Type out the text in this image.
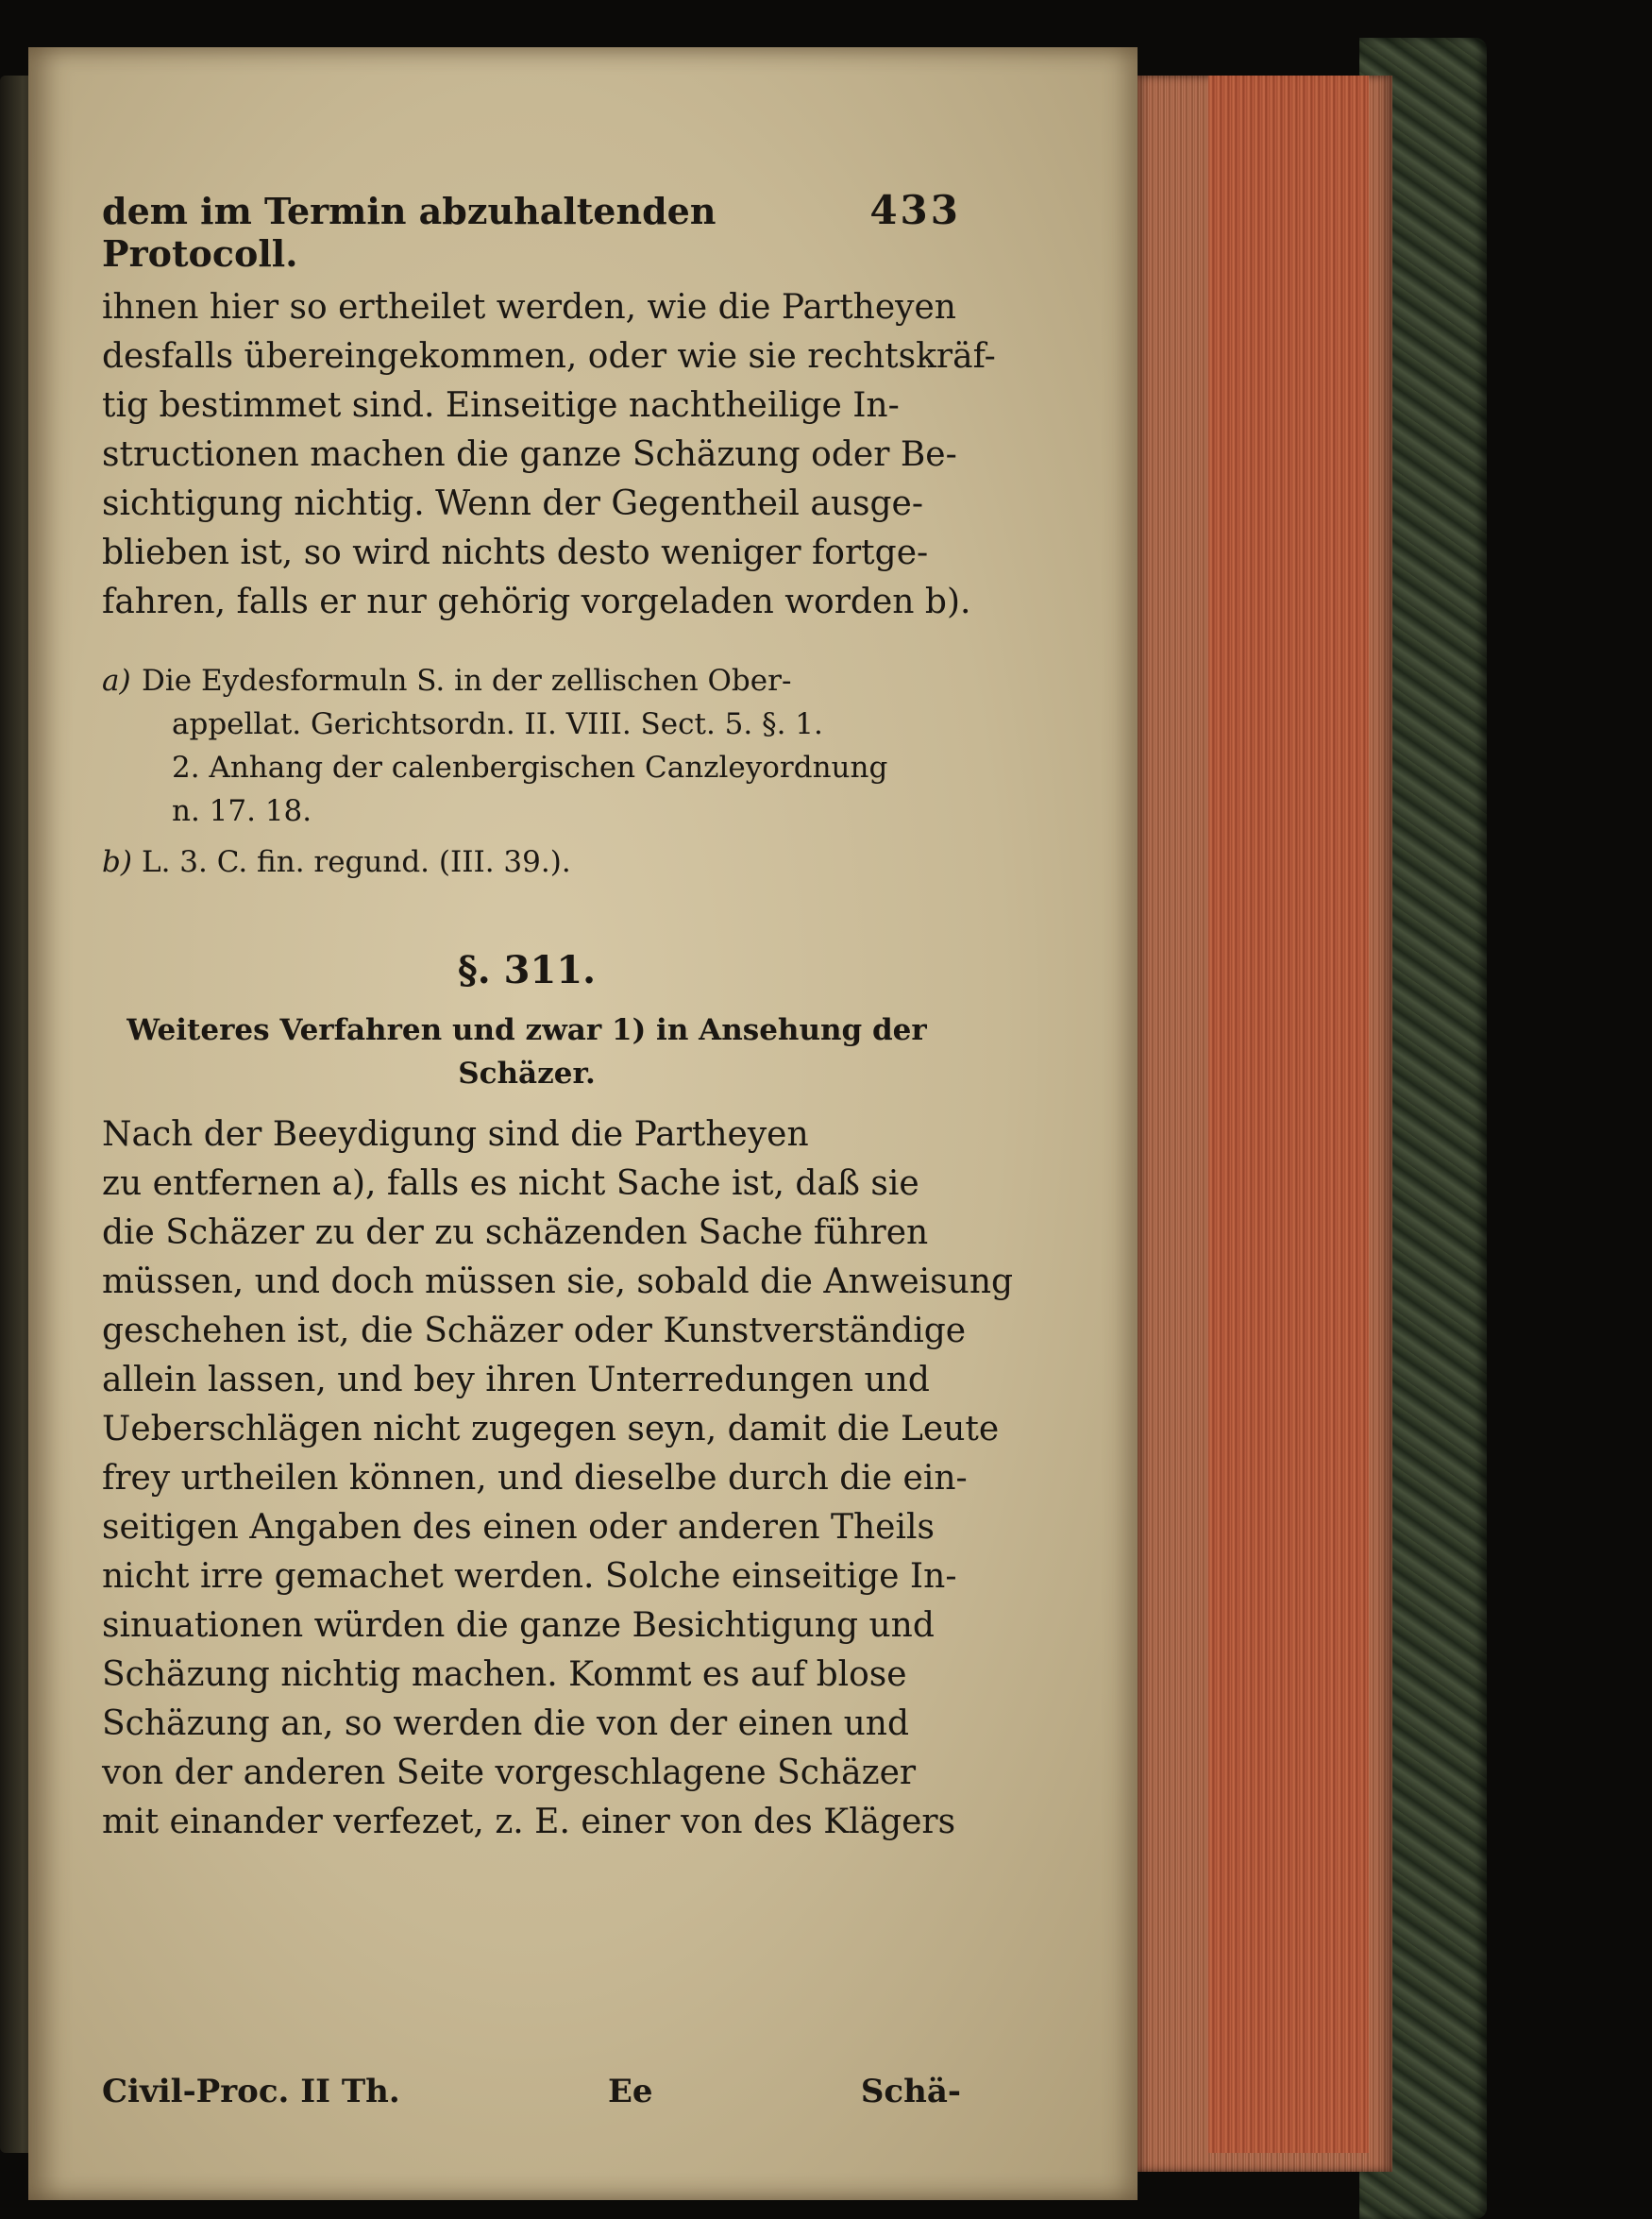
dem im Termin abzuhaltenden Protocoll.
433
ihnen hier so ertheilet werden, wie die Partheyen
desfalls übereingekommen, oder wie sie rechtskräf-
tig bestimmet sind. Einseitige nachtheilige In-
structionen machen die ganze Schäzung oder Be-
sichtigung nichtig. Wenn der Gegentheil ausge-
blieben ist, so wird nichts desto weniger fortge-
fahren, falls er nur gehörig vorgeladen worden b).
a) Die Eydesformuln S. in der zellischen Ober-
appellat. Gerichtsordn. II. VIII. Sect. 5. §. 1.
2. Anhang der calenbergischen Canzleyordnung
n. 17. 18.
b) L. 3. C. fin. regund. (III. 39.).
§. 311.
Weiteres Verfahren und zwar 1) in Ansehung der
Schäzer.
Nach der Beeydigung sind die Partheyen
zu entfernen a), falls es nicht Sache ist, daß sie
die Schäzer zu der zu schäzenden Sache führen
müssen, und doch müssen sie, sobald die Anweisung
geschehen ist, die Schäzer oder Kunstverständige
allein lassen, und bey ihren Unterredungen und
Ueberschlägen nicht zugegen seyn, damit die Leute
frey urtheilen können, und dieselbe durch die ein-
seitigen Angaben des einen oder anderen Theils
nicht irre gemachet werden. Solche einseitige In-
sinuationen würden die ganze Besichtigung und
Schäzung nichtig machen. Kommt es auf blose
Schäzung an, so werden die von der einen und
von der anderen Seite vorgeschlagene Schäzer
mit einander verfezet, z. E. einer von des Klägers
Civil-Proc. II Th.	Ee	Schä-
